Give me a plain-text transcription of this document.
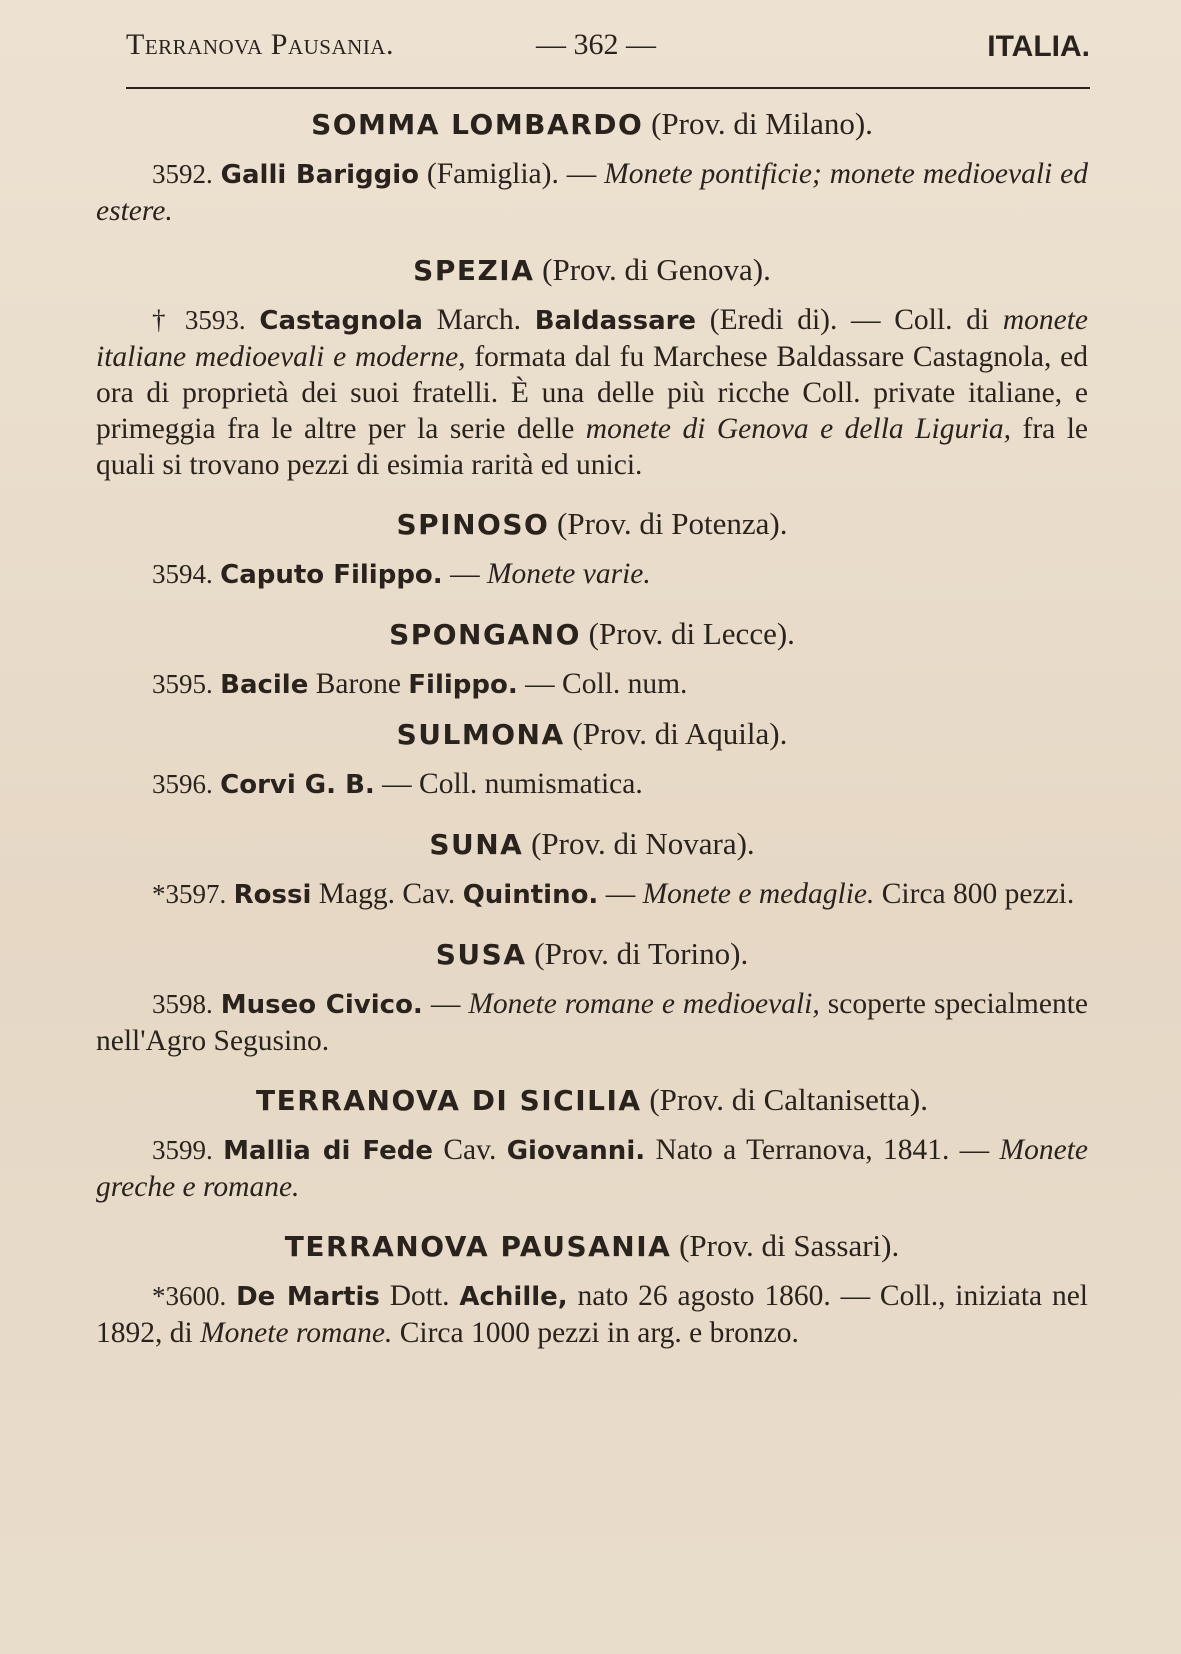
Terranova Pausania.	— 362 —	ITALIA.

SOMMA LOMBARDO (Prov. di Milano).

3592. Galli Bariggio (Famiglia). — Monete pontificie; monete medioevali ed estere.

SPEZIA (Prov. di Genova).

† 3593. Castagnola March. Baldassare (Eredi di). — Coll. di monete italiane medioevali e moderne, formata dal fu Marchese Baldassare Castagnola, ed ora di proprietà dei suoi fratelli. È una delle più ricche Coll. private italiane, e primeggia fra le altre per la serie delle monete di Genova e della Liguria, fra le quali si trovano pezzi di esimia rarità ed unici.

SPINOSO (Prov. di Potenza).

3594. Caputo Filippo. — Monete varie.

SPONGANO (Prov. di Lecce).

3595. Bacile Barone Filippo. — Coll. num.

SULMONA (Prov. di Aquila).

3596. Corvi G. B. — Coll. numismatica.

SUNA (Prov. di Novara).

*3597. Rossi Magg. Cav. Quintino. — Monete e medaglie. Circa 800 pezzi.

SUSA (Prov. di Torino).

3598. Museo Civico. — Monete romane e medioevali, scoperte specialmente nell'Agro Segusino.

TERRANOVA DI SICILIA (Prov. di Caltanisetta).

3599. Mallia di Fede Cav. Giovanni. Nato a Terranova, 1841. — Monete greche e romane.

TERRANOVA PAUSANIA (Prov. di Sassari).

*3600. De Martis Dott. Achille, nato 26 agosto 1860. — Coll., iniziata nel 1892, di Monete romane. Circa 1000 pezzi in arg. e bronzo.
